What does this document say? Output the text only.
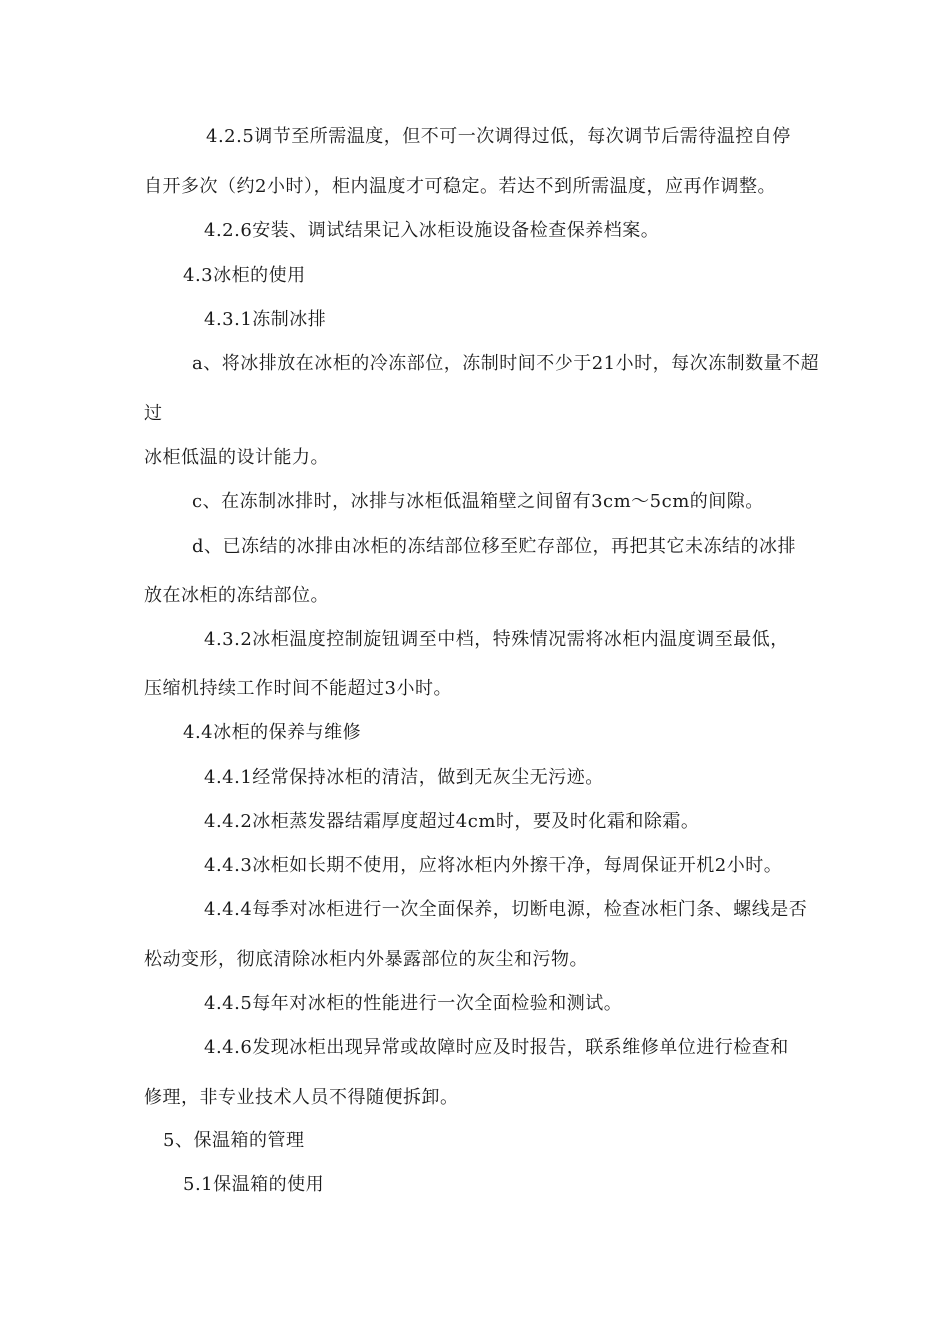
4.2.5调节至所需温度，但不可一次调得过低，每次调节后需待温控自停
自开多次（约2小时），柜内温度才可稳定。若达不到所需温度，应再作调整。
4.2.6安装、调试结果记入冰柜设施设备检查保养档案。
4.3冰柜的使用
4.3.1冻制冰排
a、将冰排放在冰柜的冷冻部位，冻制时间不少于21小时，每次冻制数量不超
过
冰柜低温的设计能力。
c、在冻制冰排时，冰排与冰柜低温箱壁之间留有3cm～5cm的间隙。
d、已冻结的冰排由冰柜的冻结部位移至贮存部位，再把其它未冻结的冰排
放在冰柜的冻结部位。
4.3.2冰柜温度控制旋钮调至中档，特殊情况需将冰柜内温度调至最低，
压缩机持续工作时间不能超过3小时。
4.4冰柜的保养与维修
4.4.1经常保持冰柜的清洁，做到无灰尘无污迹。
4.4.2冰柜蒸发器结霜厚度超过4cm时，要及时化霜和除霜。
4.4.3冰柜如长期不使用，应将冰柜内外擦干净，每周保证开机2小时。
4.4.4每季对冰柜进行一次全面保养，切断电源，检查冰柜门条、螺线是否
松动变形，彻底清除冰柜内外暴露部位的灰尘和污物。
4.4.5每年对冰柜的性能进行一次全面检验和测试。
4.4.6发现冰柜出现异常或故障时应及时报告，联系维修单位进行检查和
修理，非专业技术人员不得随便拆卸。
5、保温箱的管理
5.1保温箱的使用
